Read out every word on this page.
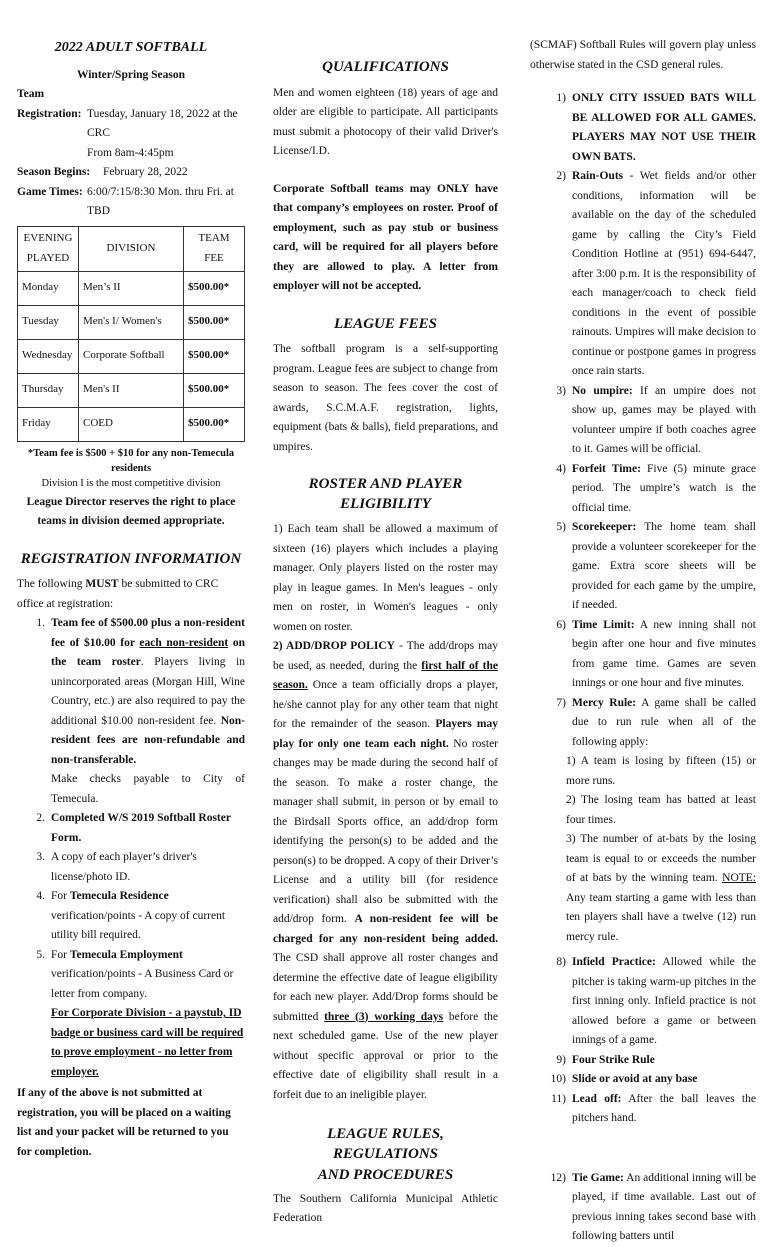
2022 ADULT SOFTBALL
Winter/Spring Season
Team
Registration: Tuesday, January 18, 2022 at the CRC
From 8am-4:45pm
Season Begins:	February 28, 2022
Game Times: 6:00/7:15/8:30 Mon. thru Fri. at TBD
EVENING PLAYED	DIVISION	TEAM FEE
Monday	Men’s II	$500.00*
Tuesday	Men's I/ Women's	$500.00*
Wednesday	Corporate Softball	$500.00*
Thursday	Men's II	$500.00*
Friday	COED	$500.00*
*Team fee is $500 + $10 for any non-Temecula residents
Division I is the most competitive division
League Director reserves the right to place teams in division deemed appropriate.
REGISTRATION INFORMATION
The following MUST be submitted to CRC office at registration:
1. Team fee of $500.00 plus a non-resident fee of $10.00 for each non-resident on the team roster. Players living in unincorporated areas (Morgan Hill, Wine Country, etc.) are also required to pay the additional $10.00 non-resident fee. Non- resident fees are non-refundable and non-transferable.
Make checks payable to City of Temecula.
2. Completed W/S 2019 Softball Roster Form.
3. A copy of each player’s driver's license/photo ID.
4. For Temecula Residence verification/points - A copy of current utility bill required.
5. For Temecula Employment verification/points - A Business Card or letter from company.
For Corporate Division - a paystub, ID badge or business card will be required to prove employment - no letter from employer.
If any of the above is not submitted at registration, you will be placed on a waiting list and your packet will be returned to you for completion.
QUALIFICATIONS
Men and women eighteen (18) years of age and older are eligible to participate. All participants must submit a photocopy of their valid Driver's License/I.D.
Corporate Softball teams may ONLY have that company’s employees on roster. Proof of employment, such as pay stub or business card, will be required for all players before they are allowed to play. A letter from employer will not be accepted.
LEAGUE FEES
The softball program is a self-supporting program. League fees are subject to change from season to season. The fees cover the cost of awards, S.C.M.A.F. registration, lights, equipment (bats & balls), field preparations, and umpires.
ROSTER AND PLAYER ELIGIBILITY
1) Each team shall be allowed a maximum of sixteen (16) players which includes a playing manager. Only players listed on the roster may play in league games. In Men's leagues - only men on roster, in Women's leagues - only women on roster.
2) ADD/DROP POLICY - The add/drops may be used, as needed, during the first half of the season. Once a team officially drops a player, he/she cannot play for any other team that night for the remainder of the season. Players may play for only one team each night. No roster changes may be made during the second half of the season. To make a roster change, the manager shall submit, in person or by email to the Birdsall Sports office, an add/drop form identifying the person(s) to be added and the person(s) to be dropped. A copy of their Driver’s License and a utility bill (for residence verification) shall also be submitted with the add/drop form. A non-resident fee will be charged for any non-resident being added. The CSD shall approve all roster changes and determine the effective date of league eligibility for each new player. Add/Drop forms should be submitted three (3) working days before the next scheduled game. Use of the new player without specific approval or prior to the effective date of eligibility shall result in a forfeit due to an ineligible player.
LEAGUE RULES, REGULATIONS
AND PROCEDURES
The Southern California Municipal Athletic Federation
(SCMAF) Softball Rules will govern play unless otherwise stated in the CSD general rules.
1) ONLY CITY ISSUED BATS WILL BE ALLOWED FOR ALL GAMES. PLAYERS MAY NOT USE THEIR OWN BATS.
2) Rain-Outs - Wet fields and/or other conditions, information will be available on the day of the scheduled game by calling the City’s Field Condition Hotline at (951) 694-6447, after 3:00 p.m. It is the responsibility of each manager/coach to check field conditions in the event of possible rainouts. Umpires will make decision to continue or postpone games in progress once rain starts.
3) No umpire: If an umpire does not show up, games may be played with volunteer umpire if both coaches agree to it. Games will be official.
4) Forfeit Time: Five (5) minute grace period. The umpire’s watch is the official time.
5) Scorekeeper: The home team shall provide a volunteer scorekeeper for the game. Extra score sheets will be provided for each game by the umpire, if needed.
6) Time Limit: A new inning shall not begin after one hour and five minutes from game time. Games are seven innings or one hour and five minutes.
7) Mercy Rule: A game shall be called due to run rule when all of the following apply:
1) A team is losing by fifteen (15) or more runs.
2) The losing team has batted at least four times.
3) The number of at-bats by the losing team is equal to or exceeds the number of at bats by the winning team. NOTE: Any team starting a game with less than ten players shall have a twelve (12) run mercy rule.
8) Infield Practice: Allowed while the pitcher is taking warm-up pitches in the first inning only. Infield practice is not allowed before a game or between innings of a game.
9) Four Strike Rule
10) Slide or avoid at any base
11) Lead off: After the ball leaves the pitchers hand.
12) Tie Game: An additional inning will be played, if time available. Last out of previous inning takes second base with following batters until
